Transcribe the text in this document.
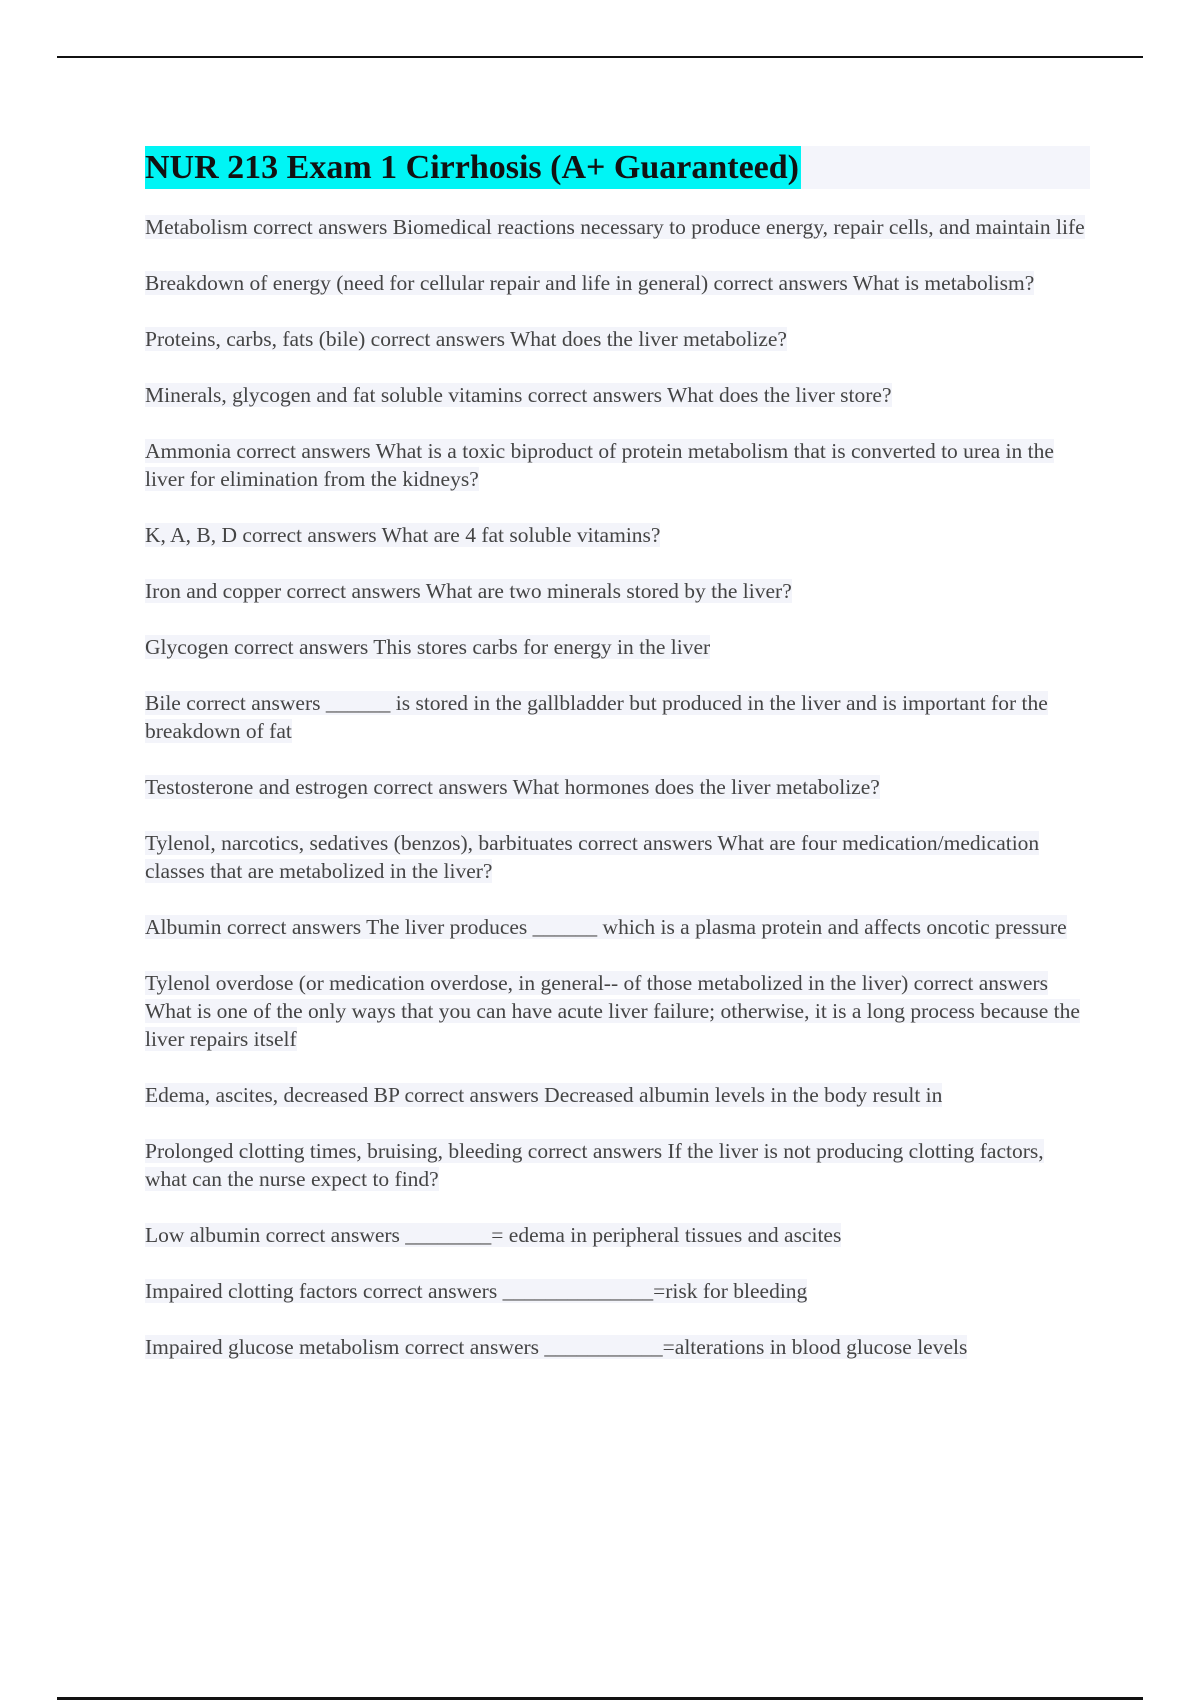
NUR 213 Exam 1 Cirrhosis (A+ Guaranteed)
Metabolism correct answers Biomedical reactions necessary to produce energy, repair cells, and maintain life
Breakdown of energy (need for cellular repair and life in general) correct answers What is metabolism?
Proteins, carbs, fats (bile) correct answers What does the liver metabolize?
Minerals, glycogen and fat soluble vitamins correct answers What does the liver store?
Ammonia correct answers What is a toxic biproduct of protein metabolism that is converted to urea in the liver for elimination from the kidneys?
K, A, B, D correct answers What are 4 fat soluble vitamins?
Iron and copper correct answers What are two minerals stored by the liver?
Glycogen correct answers This stores carbs for energy in the liver
Bile correct answers ______ is stored in the gallbladder but produced in the liver and is important for the breakdown of fat
Testosterone and estrogen correct answers What hormones does the liver metabolize?
Tylenol, narcotics, sedatives (benzos), barbituates correct answers What are four medication/medication classes that are metabolized in the liver?
Albumin correct answers The liver produces ______ which is a plasma protein and affects oncotic pressure
Tylenol overdose (or medication overdose, in general-- of those metabolized in the liver) correct answers What is one of the only ways that you can have acute liver failure; otherwise, it is a long process because the liver repairs itself
Edema, ascites, decreased BP correct answers Decreased albumin levels in the body result in
Prolonged clotting times, bruising, bleeding correct answers If the liver is not producing clotting factors, what can the nurse expect to find?
Low albumin correct answers ________= edema in peripheral tissues and ascites
Impaired clotting factors correct answers ______________=risk for bleeding
Impaired glucose metabolism correct answers ___________=alterations in blood glucose levels
